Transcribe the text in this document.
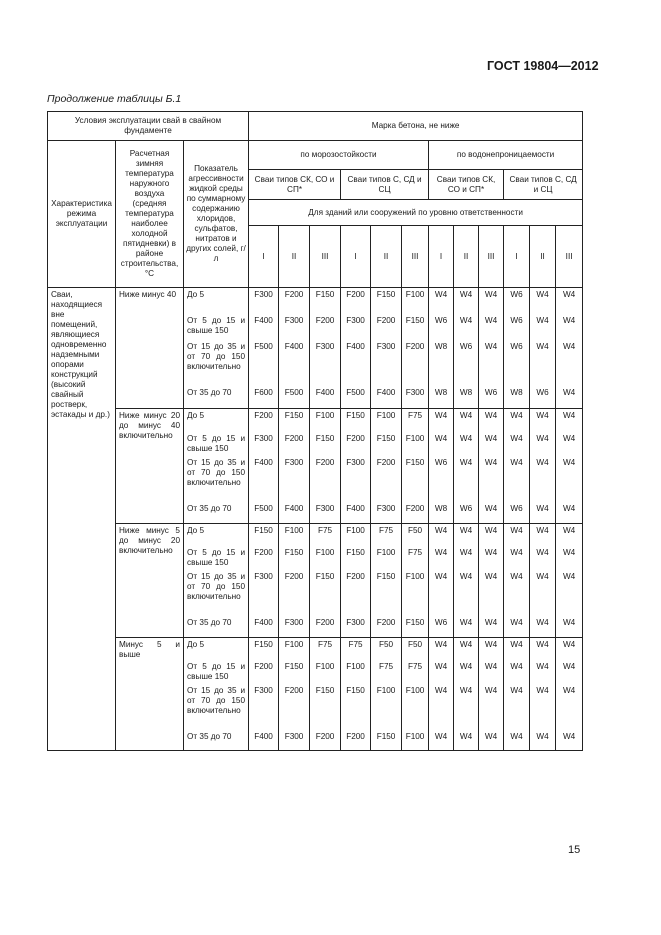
ГОСТ 19804—2012
Продолжение таблицы Б.1
Условия эксплуатации свай в свайном фундаменте			Марка бетона, не ниже											
Характеристика режима эксплуатации	Расчетная зимняя температура наружного воздуха (средняя температура наиболее холодной пятидневки) в районе строительства, °С	Показатель агрессивности жидкой среды по суммарному содержанию хлоридов, сульфатов, нитратов и других солей, г/л	по морозостойкости						по водонепроницаемости					
			Сваи типов СК, СО и СП*			Сваи типов С, СД и СЦ			Сваи типов СК, СО и СП*			Сваи типов С, СД и СЦ		
			Для зданий или сооружений по уровню ответственности											
			I	II	III	I	II	III	I	II	III	I	II	III
Сваи, находящиеся вне помещений, являющиеся одновременно надземными опорами конструкций (высокий свайный ростверк, эстакады и др.)	Ниже минус 40	До 5	F300	F200	F150	F200	F150	F100	W4	W4	W4	W6	W4	W4
		От 5 до 15 и свыше 150	F400	F300	F200	F300	F200	F150	W6	W4	W4	W6	W4	W4
		От 15 до 35 и от 70 до 150 включительно	F500	F400	F300	F400	F300	F200	W8	W6	W4	W6	W4	W4
		От 35 до 70	F600	F500	F400	F500	F400	F300	W8	W8	W6	W8	W6	W4
	Ниже минус 20 до минус 40 включительно	До 5	F200	F150	F100	F150	F100	F75	W4	W4	W4	W4	W4	W4
		От 5 до 15 и свыше 150	F300	F200	F150	F200	F150	F100	W4	W4	W4	W4	W4	W4
		От 15 до 35 и от 70 до 150 включительно	F400	F300	F200	F300	F200	F150	W6	W4	W4	W4	W4	W4
		От 35 до 70	F500	F400	F300	F400	F300	F200	W8	W6	W4	W6	W4	W4
	Ниже минус 5 до минус 20 включительно	До 5	F150	F100	F75	F100	F75	F50	W4	W4	W4	W4	W4	W4
		От 5 до 15 и свыше 150	F200	F150	F100	F150	F100	F75	W4	W4	W4	W4	W4	W4
		От 15 до 35 и от 70 до 150 включительно	F300	F200	F150	F200	F150	F100	W4	W4	W4	W4	W4	W4
		От 35 до 70	F400	F300	F200	F300	F200	F150	W6	W4	W4	W4	W4	W4
	Минус 5 и выше	До 5	F150	F100	F75	F75	F50	F50	W4	W4	W4	W4	W4	W4
		От 5 до 15 и свыше 150	F200	F150	F100	F100	F75	F75	W4	W4	W4	W4	W4	W4
		От 15 до 35 и от 70 до 150 включительно	F300	F200	F150	F150	F100	F100	W4	W4	W4	W4	W4	W4
		От 35 до 70	F400	F300	F200	F200	F150	F100	W4	W4	W4	W4	W4	W4
15
